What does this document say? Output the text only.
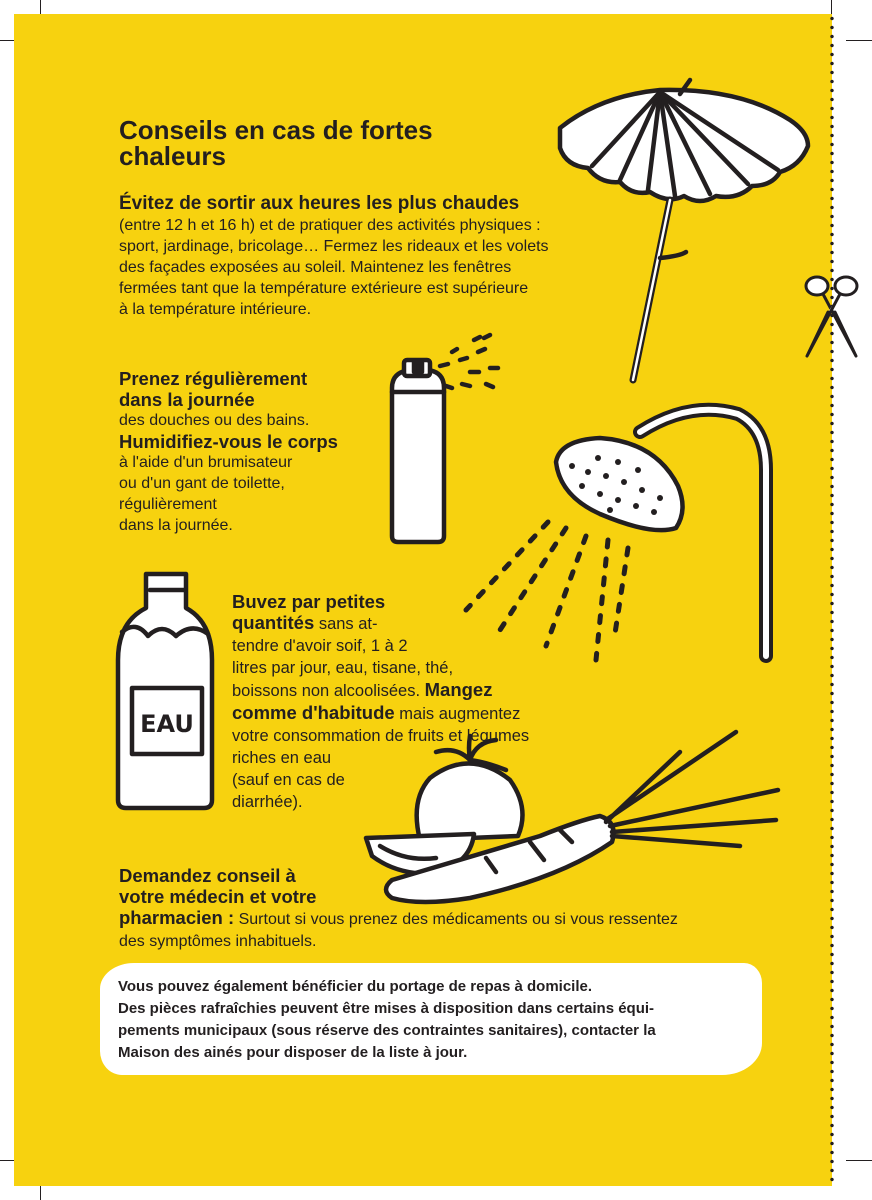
EAU
Conseils en cas de fortes
chaleurs
Évitez de sortir aux heures les plus chaudes
(entre 12 h et 16 h) et de pratiquer des activités physiques :
sport, jardinage, bricolage… Fermez les rideaux et les volets
des façades exposées au soleil. Maintenez les fenêtres
fermées tant que la température extérieure est supérieure
à la température intérieure.
Prenez régulièrement
dans la journée
des douches ou des bains.
Humidifiez-vous le corps
à l'aide d'un brumisateur
ou d'un gant de toilette,
régulièrement
dans la journée.
Buvez par petites
quantités sans at-
tendre d'avoir soif, 1 à 2
litres par jour, eau, tisane, thé,
boissons non alcoolisées. Mangez
comme d'habitude mais augmentez
votre consommation de fruits et légumes
riches en eau
(sauf en cas de
diarrhée).
Demandez conseil à
votre médecin et votre
pharmacien : Surtout si vous prenez des médicaments ou si vous ressentez
des symptômes inhabituels.
Vous pouvez également bénéficier du portage de repas à domicile.
Des pièces rafraîchies peuvent être mises à disposition dans certains équi-
pements municipaux (sous réserve des contraintes sanitaires), contacter la
Maison des ainés pour disposer de la liste à jour.
